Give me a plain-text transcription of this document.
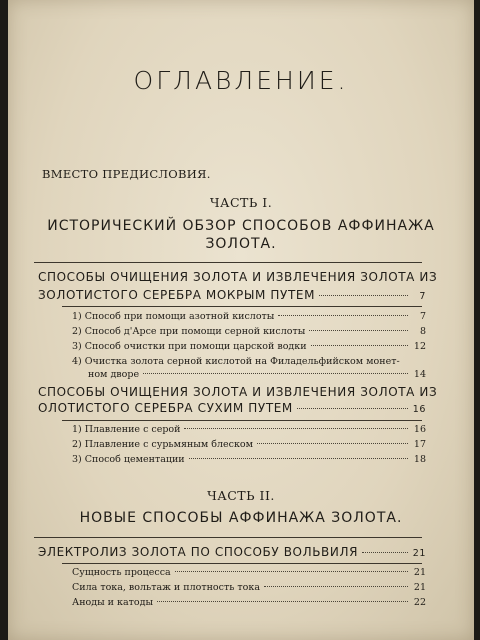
ОГЛАВЛЕНИЕ.
ВМЕСТО ПРЕДИСЛОВИЯ.
ЧАСТЬ I.
ИСТОРИЧЕСКИЙ ОБЗОР СПОСОБОВ АФФИНАЖА
ЗОЛОТА.
СПОСОБЫ ОЧИЩЕНИЯ ЗОЛОТА И ИЗВЛЕЧЕНИЯ ЗОЛОТА ИЗ
ЗОЛОТИСТОГО СЕРЕБРА МОКРЫМ ПУТЕМ	7
1) Способ при помощи азотной кислоты	7
2) Способ д'Арсе при помощи серной кислоты	8
3) Способ очистки при помощи царской водки	12
4) Очистка золота серной кислотой на Филадельфийском монет-
ном дворе	14
СПОСОБЫ ОЧИЩЕНИЯ ЗОЛОТА И ИЗВЛЕЧЕНИЯ ЗОЛОТА ИЗ
ОЛОТИСТОГО СЕРЕБРА СУХИМ ПУТЕМ	16
1) Плавление с серой	16
2) Плавление с сурьмяным блеском	17
3) Способ цементации	18
ЧАСТЬ II.
НОВЫЕ СПОСОБЫ АФФИНАЖА ЗОЛОТА.
ЭЛЕКТРОЛИЗ ЗОЛОТА ПО СПОСОБУ ВОЛЬВИЛЯ	21
Сущность процесса	21
Сила тока, вольтаж и плотность тока	21
Аноды и катоды	22
